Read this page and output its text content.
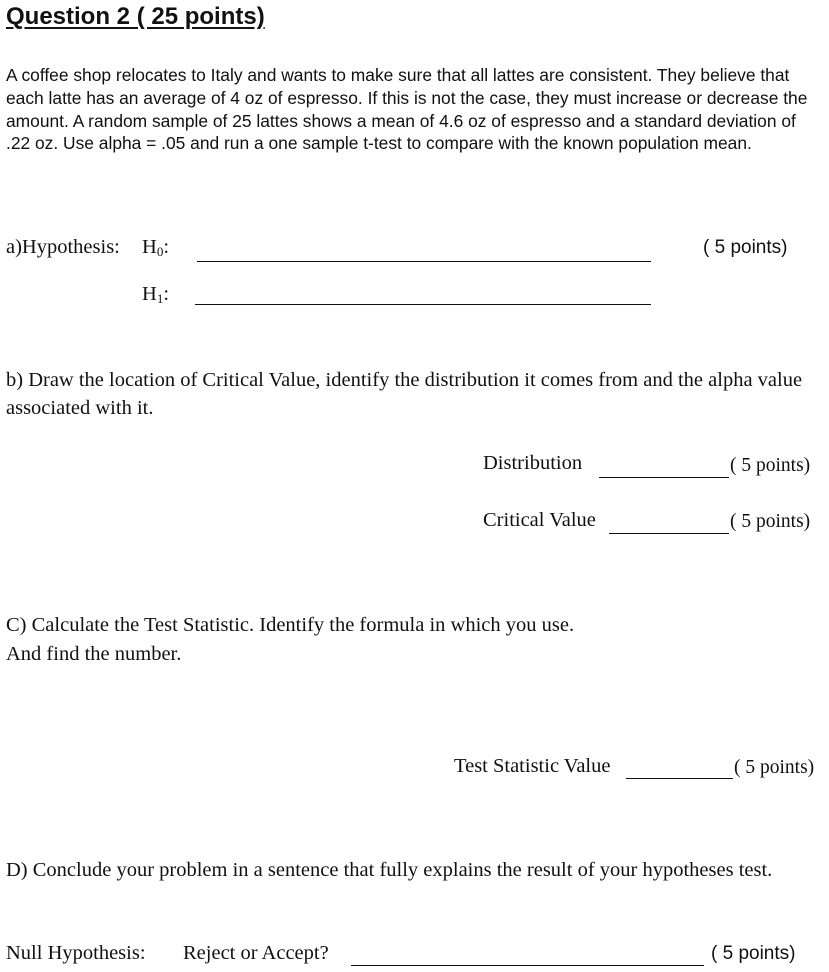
Question 2 ( 25 points)
A coffee shop relocates to Italy and wants to make sure that all lattes are consistent. They believe that each latte has an average of 4 oz of espresso. If this is not the case, they must increase or decrease the amount. A random sample of 25 lattes shows a mean of 4.6 oz of espresso and a standard deviation of .22 oz. Use alpha = .05 and run a one sample t-test to compare with the known population mean.
a)Hypothesis: $H_0$:	( 5 points)
$H_1$:
b) Draw the location of Critical Value, identify the distribution it comes from and the alpha value associated with it.
Distribution	( 5 points)
Critical Value	( 5 points)
C) Calculate the Test Statistic. Identify the formula in which you use.
And find the number.
Test Statistic Value	( 5 points)
D) Conclude your problem in a sentence that fully explains the result of your hypotheses test.
Null Hypothesis: Reject or Accept?	( 5 points)
